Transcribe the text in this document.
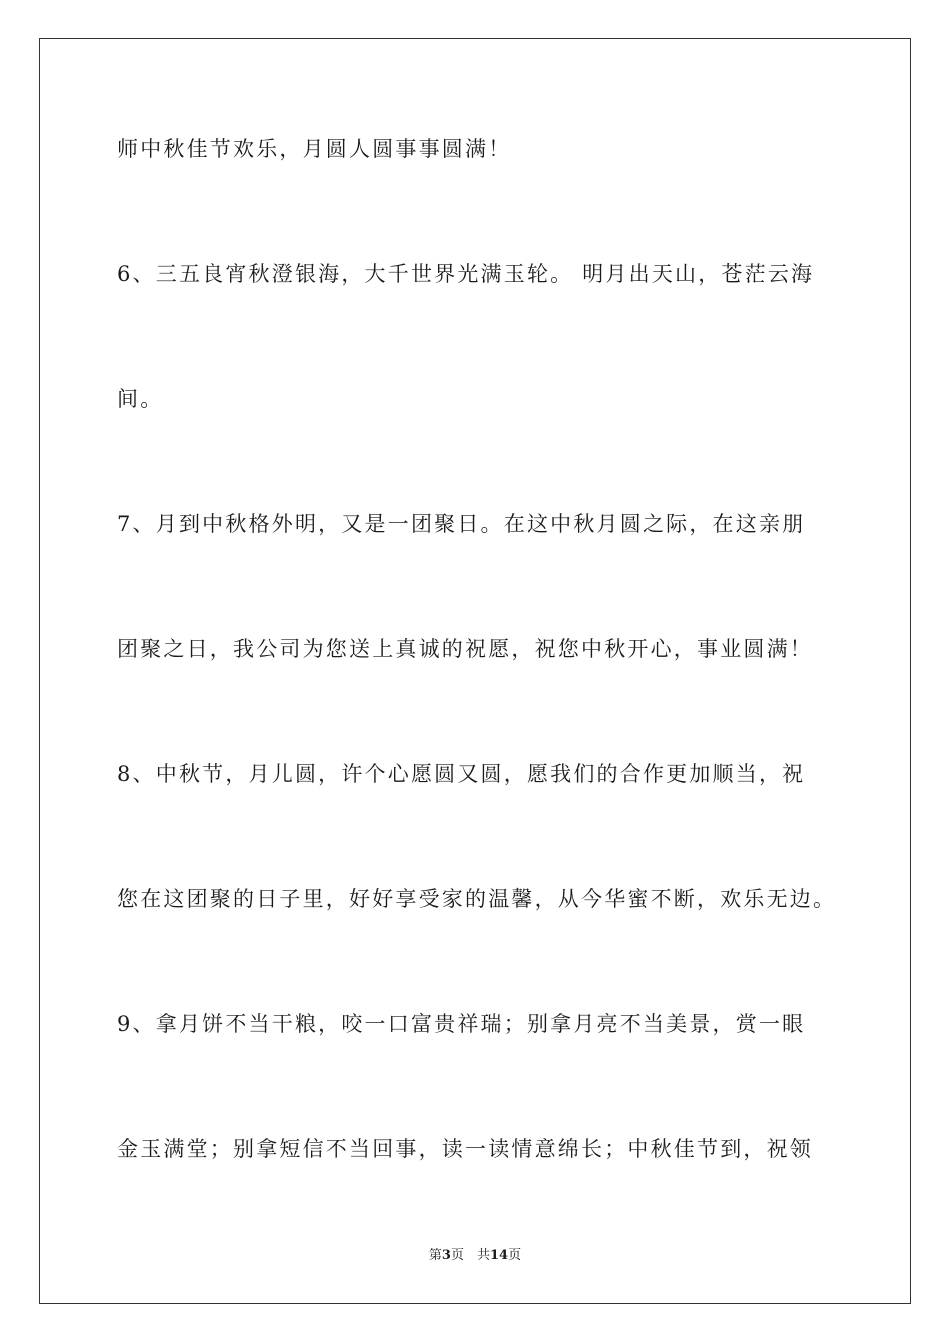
师中秋佳节欢乐，月圆人圆事事圆满！
6、三五良宵秋澄银海，大千世界光满玉轮。 明月出天山，苍茫云海
间。
7、月到中秋格外明，又是一团聚日。在这中秋月圆之际，在这亲朋
团聚之日，我公司为您送上真诚的祝愿，祝您中秋开心，事业圆满！
8、中秋节，月儿圆，许个心愿圆又圆，愿我们的合作更加顺当，祝
您在这团聚的日子里，好好享受家的温馨，从今华蜜不断，欢乐无边。
9、拿月饼不当干粮，咬一口富贵祥瑞；别拿月亮不当美景，赏一眼
金玉满堂；别拿短信不当回事，读一读情意绵长；中秋佳节到，祝领
第3页　共14页
